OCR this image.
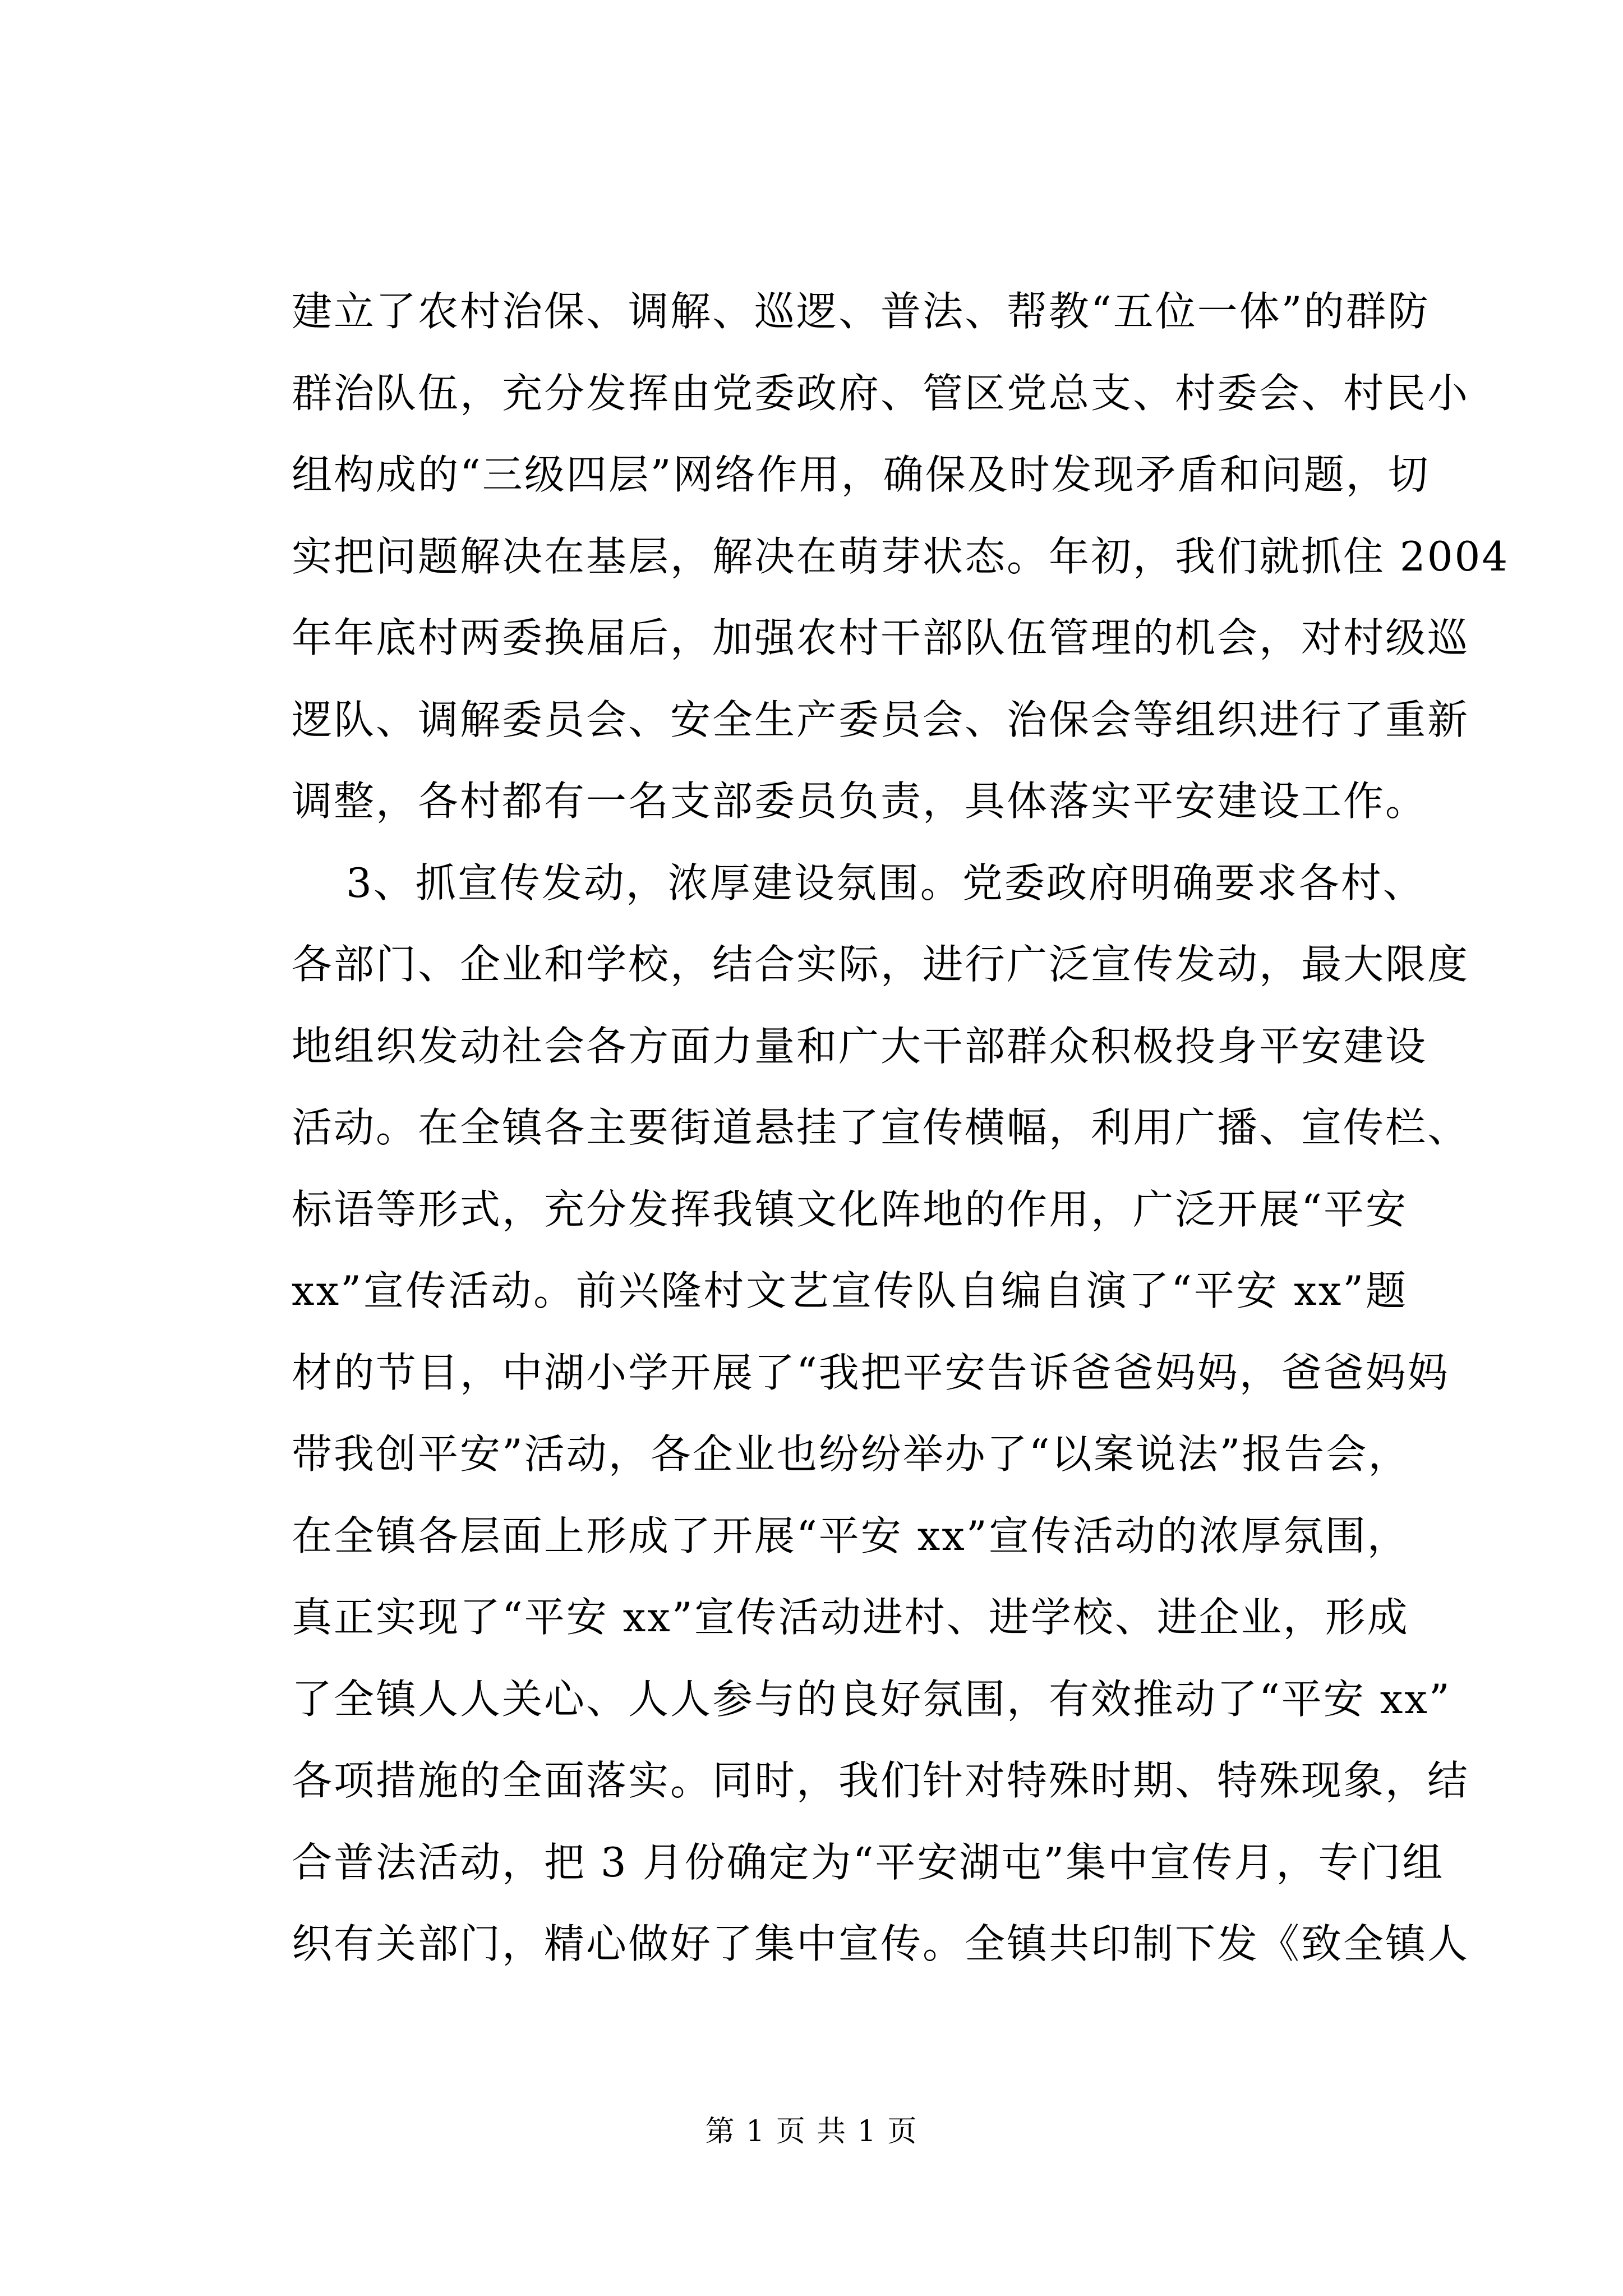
建立了农村治保、调解、巡逻、普法、帮教“五位一体”的群防
群治队伍，充分发挥由党委政府、管区党总支、村委会、村民小
组构成的“三级四层”网络作用，确保及时发现矛盾和问题，切
实把问题解决在基层，解决在萌芽状态。年初，我们就抓住 2004
年年底村两委换届后，加强农村干部队伍管理的机会，对村级巡
逻队、调解委员会、安全生产委员会、治保会等组织进行了重新
调整，各村都有一名支部委员负责，具体落实平安建设工作。
3、抓宣传发动，浓厚建设氛围。党委政府明确要求各村、
各部门、企业和学校，结合实际，进行广泛宣传发动，最大限度
地组织发动社会各方面力量和广大干部群众积极投身平安建设
活动。在全镇各主要街道悬挂了宣传横幅，利用广播、宣传栏、
标语等形式，充分发挥我镇文化阵地的作用，广泛开展“平安
xx”宣传活动。前兴隆村文艺宣传队自编自演了“平安 xx”题
材的节目，中湖小学开展了“我把平安告诉爸爸妈妈，爸爸妈妈
带我创平安”活动，各企业也纷纷举办了“以案说法”报告会，
在全镇各层面上形成了开展“平安 xx”宣传活动的浓厚氛围，
真正实现了“平安 xx”宣传活动进村、进学校、进企业，形成
了全镇人人关心、人人参与的良好氛围，有效推动了“平安 xx”
各项措施的全面落实。同时，我们针对特殊时期、特殊现象，结
合普法活动，把 3 月份确定为“平安湖屯”集中宣传月，专门组
织有关部门，精心做好了集中宣传。全镇共印制下发《致全镇人
第 1 页 共 1 页
